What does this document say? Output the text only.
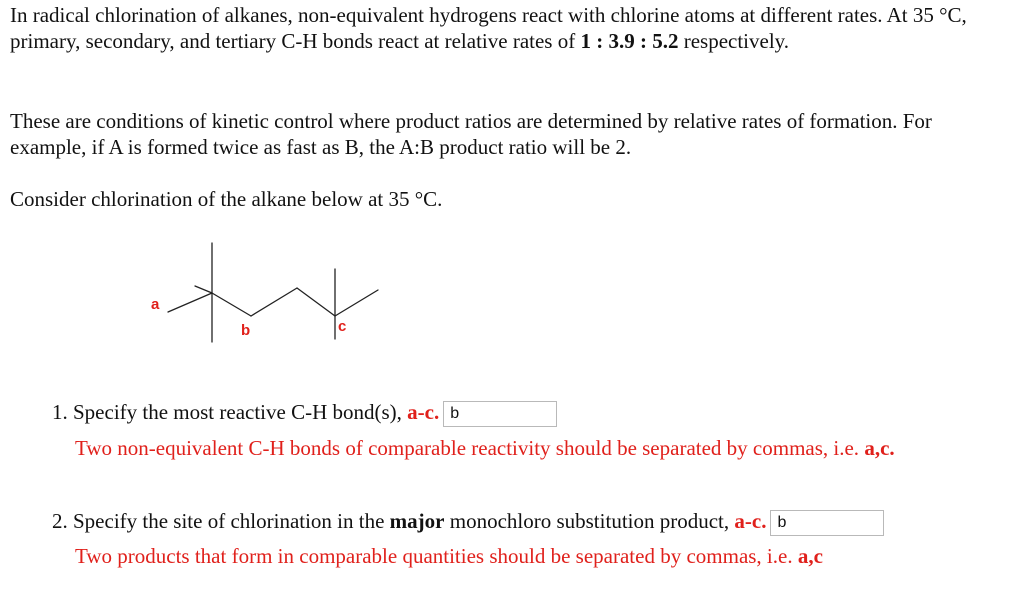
In radical chlorination of alkanes, non-equivalent hydrogens react with chlorine atoms at different rates. At 35 °C, primary, secondary, and tertiary C-H bonds react at relative rates of 1 : 3.9 : 5.2 respectively.

These are conditions of kinetic control where product ratios are determined by relative rates of formation. For example, if A is formed twice as fast as B, the A:B product ratio will be 2.

Consider chlorination of the alkane below at 35 °C.

a
b	c
1. Specify the most reactive C-H bond(s), a-c. b
Two non-equivalent C-H bonds of comparable reactivity should be separated by commas, i.e. a,c.
2. Specify the site of chlorination in the major monochloro substitution product, a-c. b
Two products that form in comparable quantities should be separated by commas, i.e. a,c
